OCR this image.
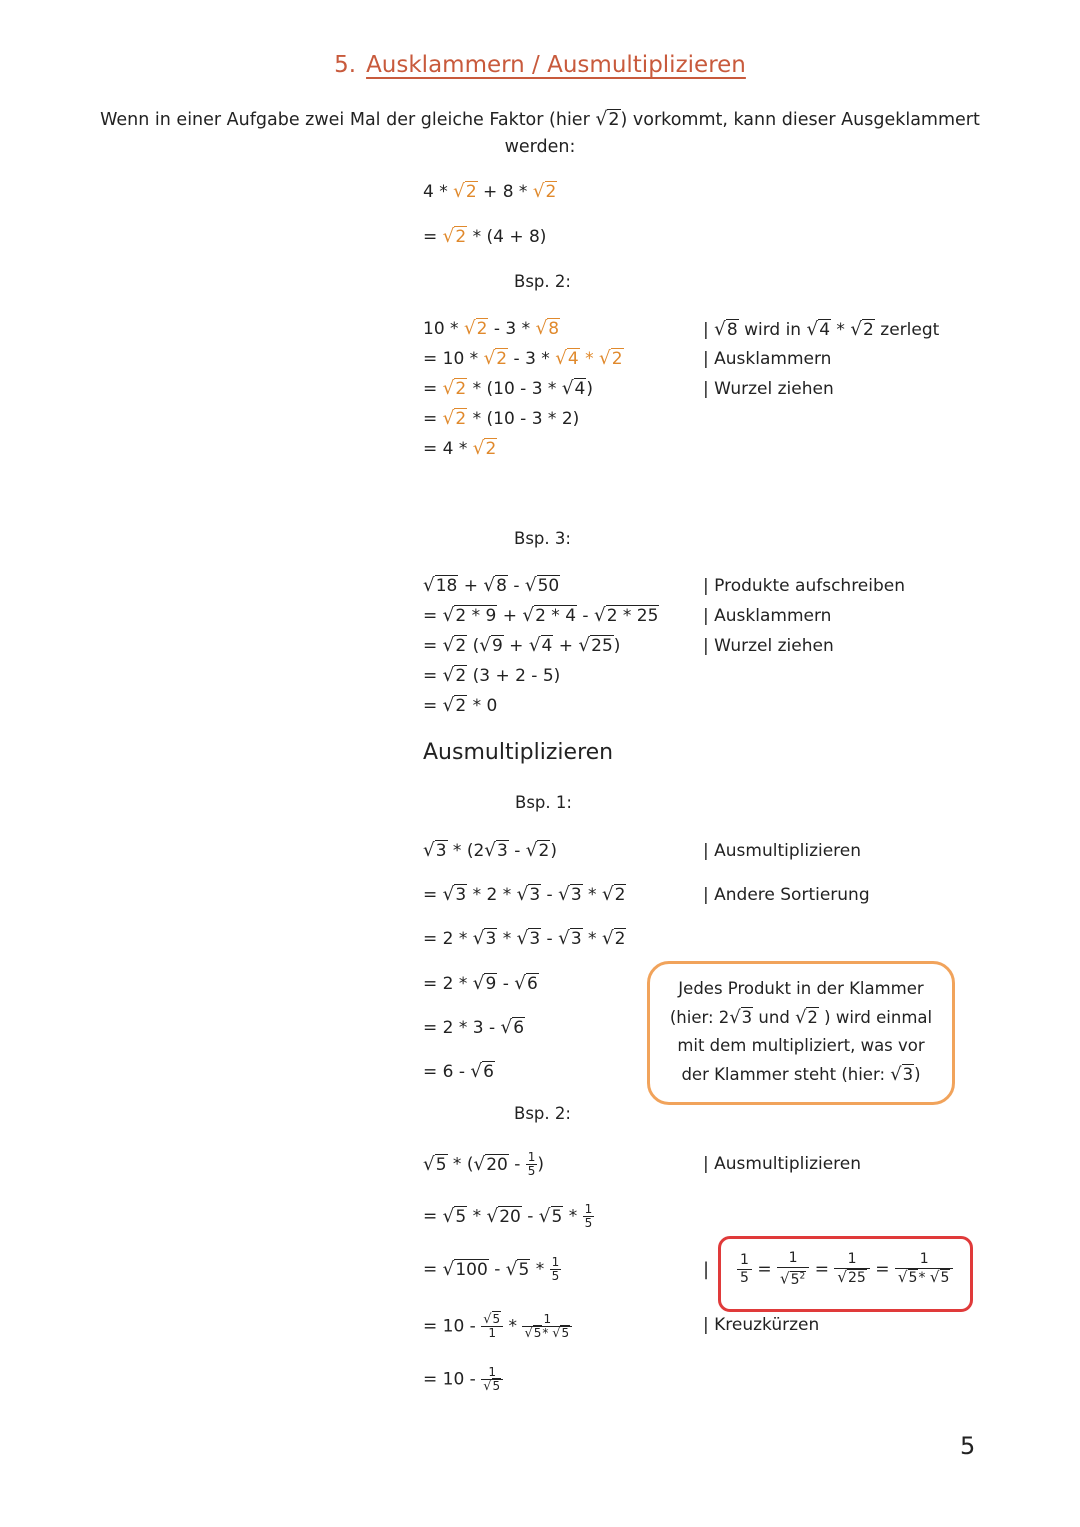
5. Ausklammern / Ausmultiplizieren
Wenn in einer Aufgabe zwei Mal der gleiche Faktor (hier √2) vorkommt, kann dieser Ausgeklammert
werden:
4 * √2 + 8 * √2
= √2 * (4 + 8)
Bsp. 2:
10 * √2 - 3 * √8
= 10 * √2 - 3 * √4 * √2
= √2 * (10 - 3 * √4)
= √2 * (10 - 3 * 2)
= 4 * √2
| √8 wird in √4 * √2 zerlegt
| Ausklammern
| Wurzel ziehen
Bsp. 3:
√18 + √8 - √50
= √2 * 9 + √2 * 4 - √2 * 25
= √2 (√9 + √4 + √25)
= √2 (3 + 2 - 5)
= √2 * 0
| Produkte aufschreiben
| Ausklammern
| Wurzel ziehen
Ausmultiplizieren
Bsp. 1:
√3 * (2√3 - √2)
= √3 * 2 * √3 - √3 * √2
= 2 * √3 * √3 - √3 * √2
= 2 * √9 - √6
= 2 * 3 - √6
= 6 - √6
| Ausmultiplizieren
| Andere Sortierung
Jedes Produkt in der Klammer
(hier: 2√3 und √2 ) wird einmal
mit dem multipliziert, was vor
der Klammer steht (hier: √3)
Bsp. 2:
$√5 * (√20 - \frac{1}{5}$ )
= $√5 * √20 - √5 * \frac{1}{5}$
= $√100 - √5 * \frac{1}{5}$
= $10 - \frac{√5}{1} * \frac{1}{√5* √5}$
= $10 - \frac{1}{√5}$
| Ausmultiplizieren
| $\frac{1}{5} = \frac{1}{√5^2} = \frac{1}{√25} = \frac{1}{√5* √5}$
| Kreuzkürzen
5
